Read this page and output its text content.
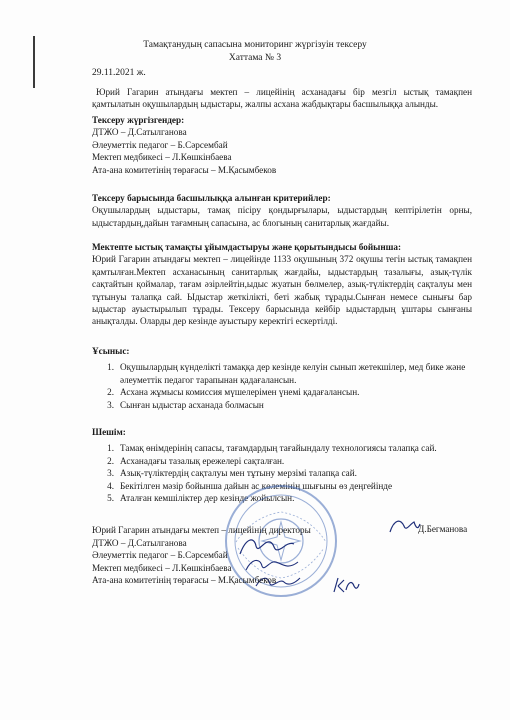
Тамақтанудың сапасына мониторинг жүргізуін тексеру
Хаттама № 3
29.11.2021 ж.
Юрий Гагарин атындағы мектеп – лицейінің асханадағы бір мезгіл ыстық тамақпен қамтылатын оқушылардың ыдыстары, жалпы асхана жабдықтары басшылыққа алынды.
Тексеру жүргізгендер:
ДТЖО – Д.Сатылганова
Әлеуметтік педагог – Б.Сәрсембай
Мектеп медбикесі – Л.Көшкінбаева
Ата-ана комитетінің төрағасы – М.Қасымбеков
Тексеру барысында басшылыққа алынған критерийлер:
Оқушылардың ыдыстары, тамақ пісіру қондырғылары, ыдыстардың кептірілетін орны, ыдыстардың,дайын тағамның сапасына, ас блогының санитарлық жағдайы.
Мектепте ыстық тамақты ұйымдастыруы және қорытындысы бойынша:
Юрий Гагарин атындағы мектеп – лицейінде 1133 оқушының 372 оқушы тегін ыстық тамақпен қамтылған.Мектеп асханасының санитарлық жағдайы, ыдыстардың тазалығы, азық-түлік сақтайтын қоймалар, тағам әзірлейтін,ыдыс жуатын бөлмелер, азық-түліктердің сақталуы мен тұтынуы талапқа сай. Ыдыстар жеткілікті, беті жабық тұрады.Сынған немесе сынығы бар ыдыстар ауыстырылып тұрады. Тексеру барысында кейбір ыдыстардың ұштары сынғаны анықталды. Оларды дер кезінде ауыстыру керектігі ескертілді.
Ұсыныс:
1. Оқушылардың күнделікті тамаққа дер кезінде келуін сынып жетекшілер, мед бике және әлеуметтік педагог тарапынан қадағалансын.
2. Асхана жұмысы комиссия мүшелерімен үнемі қадағалансын.
3. Сынған ыдыстар асханада болмасын
Шешім:
1. Тамақ өнімдерінің сапасы, тағамдардың тағайындалу технологиясы талапқа сай.
2. Асханадағы тазалық ережелері сақталған.
3. Азық-түліктердің сақталуы мен тұтыну мерзімі талапқа сай.
4. Бекітілген мәзір бойынша дайын ас көлемінің шығыны өз деңгейінде
5. Аталған кемшіліктер дер кезінде жойылсын.
Юрий Гагарин атындағы мектеп – лицейінің директоры
ДТЖО – Д.Сатылганова
Әлеуметтік педагог – Б.Сәрсембай
Мектеп медбикесі – Л.Көшкінбаева
Ата-ана комитетінің төрағасы – М.Қасымбеков
Д.Бегманова
